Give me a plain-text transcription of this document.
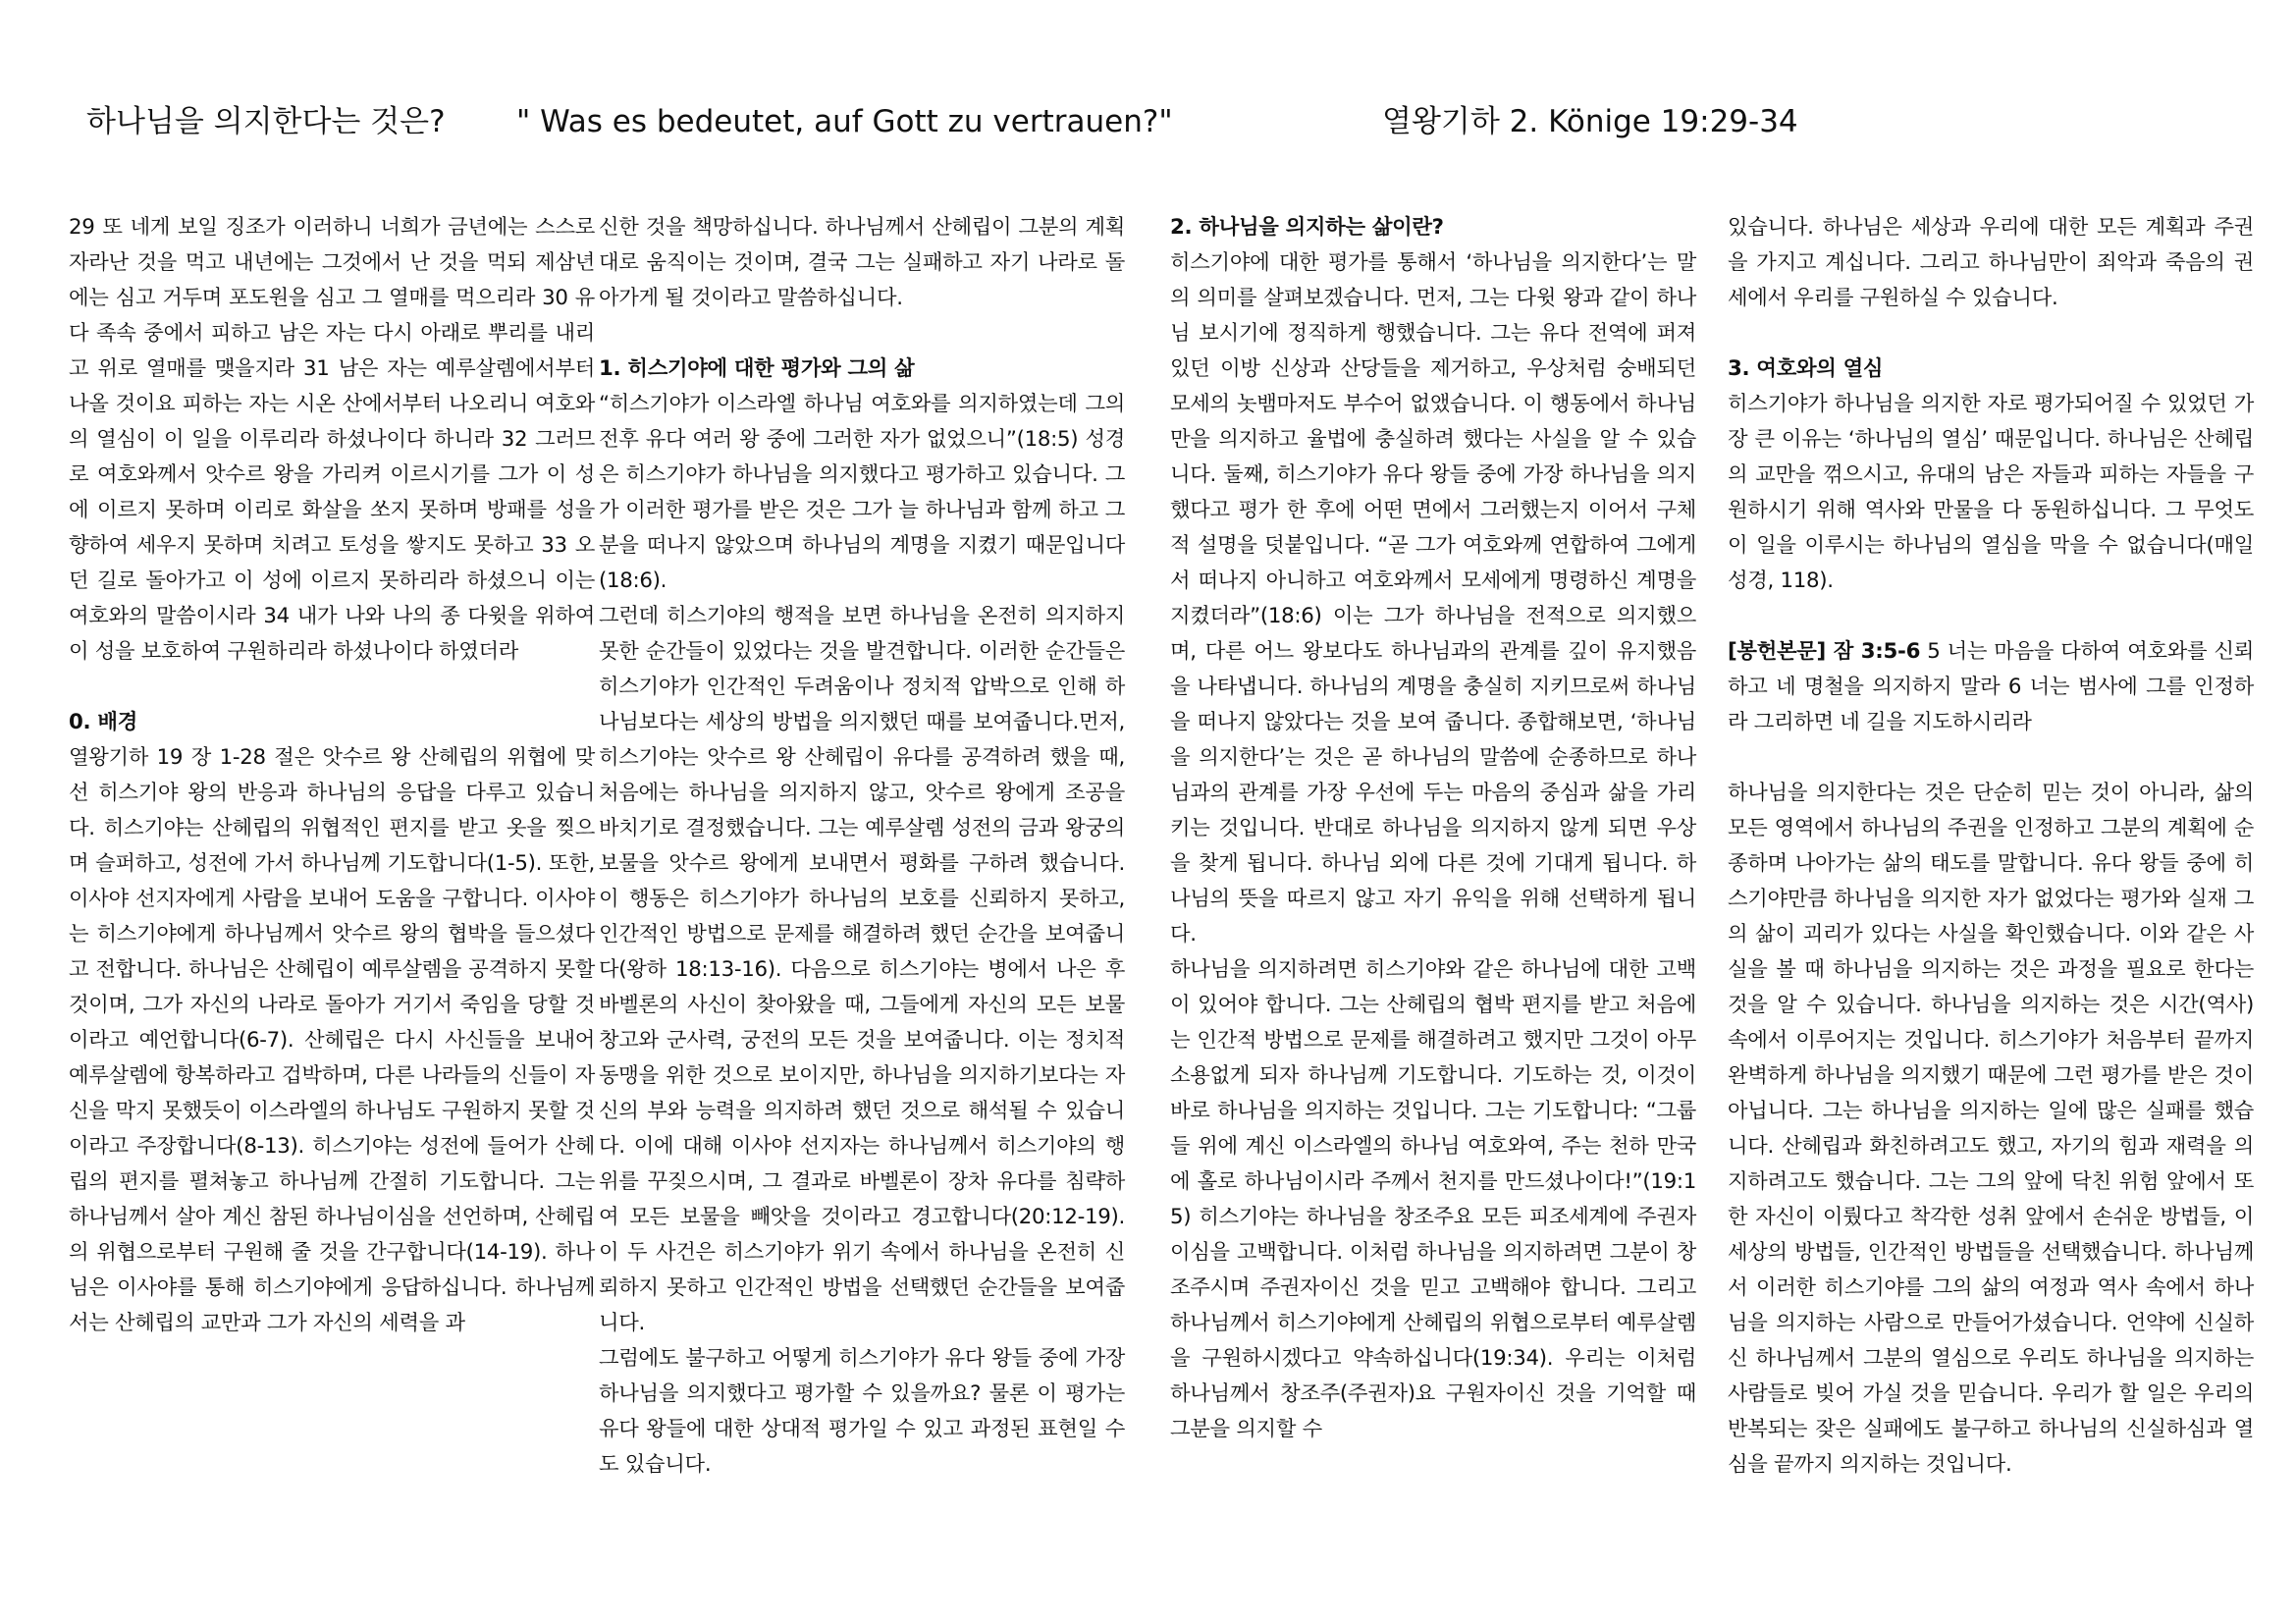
하나님을 의지한다는 것은? " Was es bedeutet, auf Gott zu vertrauen?"	열왕기하 2. Könige 19:29-34

29 또 네게 보일 징조가 이러하니 너희가 금년에는 스스로 자라난 것을 먹고 내년에는 그것에서 난 것을 먹되 제삼년에는 심고 거두며 포도원을 심고 그 열매를 먹으리라 30 유다 족속 중에서 피하고 남은 자는 다시 아래로 뿌리를 내리고 위로 열매를 맺을지라 31 남은 자는 예루살렘에서부터 나올 것이요 피하는 자는 시온 산에서부터 나오리니 여호와의 열심이 이 일을 이루리라 하셨나이다 하니라 32 그러므로 여호와께서 앗수르 왕을 가리켜 이르시기를 그가 이 성에 이르지 못하며 이리로 화살을 쏘지 못하며 방패를 성을 향하여 세우지 못하며 치려고 토성을 쌓지도 못하고 33 오던 길로 돌아가고 이 성에 이르지 못하리라 하셨으니 이는 여호와의 말씀이시라 34 내가 나와 나의 종 다윗을 위하여 이 성을 보호하여 구원하리라 하셨나이다 하였더라

0. 배경

열왕기하 19 장 1-28 절은 앗수르 왕 산헤립의 위협에 맞선 히스기야 왕의 반응과 하나님의 응답을 다루고 있습니다. 히스기야는 산헤립의 위협적인 편지를 받고 옷을 찢으며 슬퍼하고, 성전에 가서 하나님께 기도합니다(1-5). 또한, 이사야 선지자에게 사람을 보내어 도움을 구합니다. 이사야는 히스기야에게 하나님께서 앗수르 왕의 협박을 들으셨다고 전합니다. 하나님은 산헤립이 예루살렘을 공격하지 못할 것이며, 그가 자신의 나라로 돌아가 거기서 죽임을 당할 것이라고 예언합니다(6-7). 산헤립은 다시 사신들을 보내어 예루살렘에 항복하라고 겁박하며, 다른 나라들의 신들이 자신을 막지 못했듯이 이스라엘의 하나님도 구원하지 못할 것이라고 주장합니다(8-13). 히스기야는 성전에 들어가 산헤립의 편지를 펼쳐놓고 하나님께 간절히 기도합니다. 그는 하나님께서 살아 계신 참된 하나님이심을 선언하며, 산헤립의 위협으로부터 구원해 줄 것을 간구합니다(14-19). 하나님은 이사야를 통해 히스기야에게 응답하십니다. 하나님께서는 산헤립의 교만과 그가 자신의 세력을 과

신한 것을 책망하십니다. 하나님께서 산헤립이 그분의 계획대로 움직이는 것이며, 결국 그는 실패하고 자기 나라로 돌아가게 될 것이라고 말씀하십니다.

1. 히스기야에 대한 평가와 그의 삶

“히스기야가 이스라엘 하나님 여호와를 의지하였는데 그의 전후 유다 여러 왕 중에 그러한 자가 없었으니”(18:5) 성경은 히스기야가 하나님을 의지했다고 평가하고 있습니다. 그가 이러한 평가를 받은 것은 그가 늘 하나님과 함께 하고 그분을 떠나지 않았으며 하나님의 계명을 지켰기 때문입니다(18:6).

그런데 히스기야의 행적을 보면 하나님을 온전히 의지하지 못한 순간들이 있었다는 것을 발견합니다. 이러한 순간들은 히스기야가 인간적인 두려움이나 정치적 압박으로 인해 하나님보다는 세상의 방법을 의지했던 때를 보여줍니다.먼저, 히스기야는 앗수르 왕 산헤립이 유다를 공격하려 했을 때, 처음에는 하나님을 의지하지 않고, 앗수르 왕에게 조공을 바치기로 결정했습니다. 그는 예루살렘 성전의 금과 왕궁의 보물을 앗수르 왕에게 보내면서 평화를 구하려 했습니다. 이 행동은 히스기야가 하나님의 보호를 신뢰하지 못하고, 인간적인 방법으로 문제를 해결하려 했던 순간을 보여줍니다(왕하 18:13-16). 다음으로 히스기야는 병에서 나은 후 바벨론의 사신이 찾아왔을 때, 그들에게 자신의 모든 보물 창고와 군사력, 궁전의 모든 것을 보여줍니다. 이는 정치적 동맹을 위한 것으로 보이지만, 하나님을 의지하기보다는 자신의 부와 능력을 의지하려 했던 것으로 해석될 수 있습니다. 이에 대해 이사야 선지자는 하나님께서 히스기야의 행위를 꾸짖으시며, 그 결과로 바벨론이 장차 유다를 침략하여 모든 보물을 빼앗을 것이라고 경고합니다(20:12-19). 이 두 사건은 히스기야가 위기 속에서 하나님을 온전히 신뢰하지 못하고 인간적인 방법을 선택했던 순간들을 보여줍니다.

그럼에도 불구하고 어떻게 히스기야가 유다 왕들 중에 가장 하나님을 의지했다고 평가할 수 있을까요? 물론 이 평가는 유다 왕들에 대한 상대적 평가일 수 있고 과정된 표현일 수도 있습니다.

2. 하나님을 의지하는 삶이란?

히스기야에 대한 평가를 통해서 ‘하나님을 의지한다’는 말의 의미를 살펴보겠습니다. 먼저, 그는 다윗 왕과 같이 하나님 보시기에 정직하게 행했습니다. 그는 유다 전역에 퍼져 있던 이방 신상과 산당들을 제거하고, 우상처럼 숭배되던 모세의 놋뱀마저도 부수어 없앴습니다. 이 행동에서 하나님만을 의지하고 율법에 충실하려 했다는 사실을 알 수 있습니다. 둘째, 히스기야가 유다 왕들 중에 가장 하나님을 의지했다고 평가 한 후에 어떤 면에서 그러했는지 이어서 구체적 설명을 덧붙입니다. “곧 그가 여호와께 연합하여 그에게서 떠나지 아니하고 여호와께서 모세에게 명령하신 계명을 지켰더라”(18:6) 이는 그가 하나님을 전적으로 의지했으며, 다른 어느 왕보다도 하나님과의 관계를 깊이 유지했음을 나타냅니다. 하나님의 계명을 충실히 지키므로써 하나님을 떠나지 않았다는 것을 보여 줍니다. 종합해보면, ‘하나님을 의지한다’는 것은 곧 하나님의 말씀에 순종하므로 하나님과의 관계를 가장 우선에 두는 마음의 중심과 삶을 가리키는 것입니다. 반대로 하나님을 의지하지 않게 되면 우상을 찾게 됩니다. 하나님 외에 다른 것에 기대게 됩니다. 하나님의 뜻을 따르지 않고 자기 유익을 위해 선택하게 됩니다.

하나님을 의지하려면 히스기야와 같은 하나님에 대한 고백이 있어야 합니다. 그는 산헤립의 협박 편지를 받고 처음에는 인간적 방법으로 문제를 해결하려고 했지만 그것이 아무 소용없게 되자 하나님께 기도합니다. 기도하는 것, 이것이 바로 하나님을 의지하는 것입니다. 그는 기도합니다: “그룹들 위에 계신 이스라엘의 하나님 여호와여, 주는 천하 만국에 홀로 하나님이시라 주께서 천지를 만드셨나이다!”(19:15) 히스기야는 하나님을 창조주요 모든 피조세계에 주권자이심을 고백합니다. 이처럼 하나님을 의지하려면 그분이 창조주시며 주권자이신 것을 믿고 고백해야 합니다. 그리고 하나님께서 히스기야에게 산헤립의 위협으로부터 예루살렘을 구원하시겠다고 약속하십니다(19:34). 우리는 이처럼 하나님께서 창조주(주권자)요 구원자이신 것을 기억할 때 그분을 의지할 수

있습니다. 하나님은 세상과 우리에 대한 모든 계획과 주권을 가지고 계십니다. 그리고 하나님만이 죄악과 죽음의 권세에서 우리를 구원하실 수 있습니다.

3. 여호와의 열심

히스기야가 하나님을 의지한 자로 평가되어질 수 있었던 가장 큰 이유는 ‘하나님의 열심’ 때문입니다. 하나님은 산헤립의 교만을 꺾으시고, 유대의 남은 자들과 피하는 자들을 구원하시기 위해 역사와 만물을 다 동원하십니다. 그 무엇도 이 일을 이루시는 하나님의 열심을 막을 수 없습니다(매일성경, 118).

[봉헌본문] 잠 3:5-6 5 너는 마음을 다하여 여호와를 신뢰하고 네 명철을 의지하지 말라 6 너는 범사에 그를 인정하라 그리하면 네 길을 지도하시리라

하나님을 의지한다는 것은 단순히 믿는 것이 아니라, 삶의 모든 영역에서 하나님의 주권을 인정하고 그분의 계획에 순종하며 나아가는 삶의 태도를 말합니다. 유다 왕들 중에 히스기야만큼 하나님을 의지한 자가 없었다는 평가와 실재 그의 삶이 괴리가 있다는 사실을 확인했습니다. 이와 같은 사실을 볼 때 하나님을 의지하는 것은 과정을 필요로 한다는 것을 알 수 있습니다. 하나님을 의지하는 것은 시간(역사) 속에서 이루어지는 것입니다. 히스기야가 처음부터 끝까지 완벽하게 하나님을 의지했기 때문에 그런 평가를 받은 것이 아닙니다. 그는 하나님을 의지하는 일에 많은 실패를 했습니다. 산헤립과 화친하려고도 했고, 자기의 힘과 재력을 의지하려고도 했습니다. 그는 그의 앞에 닥친 위험 앞에서 또한 자신이 이뤘다고 착각한 성취 앞에서 손쉬운 방법들, 이 세상의 방법들, 인간적인 방법들을 선택했습니다. 하나님께서 이러한 히스기야를 그의 삶의 여정과 역사 속에서 하나님을 의지하는 사람으로 만들어가셨습니다. 언약에 신실하신 하나님께서 그분의 열심으로 우리도 하나님을 의지하는 사람들로 빚어 가실 것을 믿습니다. 우리가 할 일은 우리의 반복되는 잦은 실패에도 불구하고 하나님의 신실하심과 열심을 끝까지 의지하는 것입니다.
